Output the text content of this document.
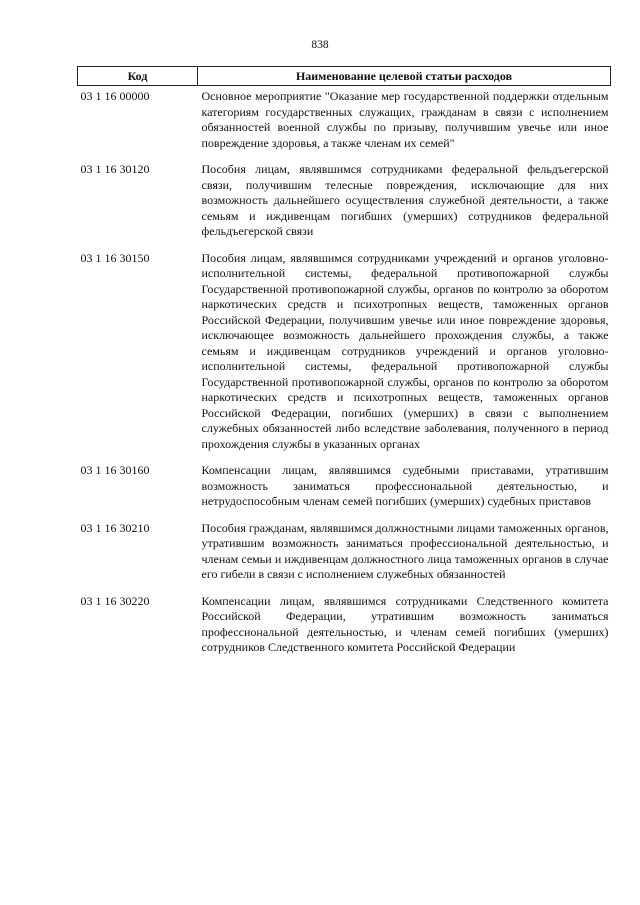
838
Код	Наименование целевой статьи расходов
03 1 16 00000	Основное мероприятие "Оказание мер государственной поддержки отдельным категориям государственных служащих, гражданам в связи с исполнением обязанностей военной службы по призыву, получившим увечье или иное повреждение здоровья, а также членам их семей"
03 1 16 30120	Пособия лицам, являвшимся сотрудниками федеральной фельдъегерской связи, получившим телесные повреждения, исключающие для них возможность дальнейшего осуществления служебной деятельности, а также семьям и иждивенцам погибших (умерших) сотрудников федеральной фельдъегерской связи
03 1 16 30150	Пособия лицам, являвшимся сотрудниками учреждений и органов уголовно-исполнительной системы, федеральной противопожарной службы Государственной противопожарной службы, органов по контролю за оборотом наркотических средств и психотропных веществ, таможенных органов Российской Федерации, получившим увечье или иное повреждение здоровья, исключающее возможность дальнейшего прохождения службы, а также семьям и иждивенцам сотрудников учреждений и органов уголовно-исполнительной системы, федеральной противопожарной службы Государственной противопожарной службы, органов по контролю за оборотом наркотических средств и психотропных веществ, таможенных органов Российской Федерации, погибших (умерших) в связи с выполнением служебных обязанностей либо вследствие заболевания, полученного в период прохождения службы в указанных органах
03 1 16 30160	Компенсации лицам, являвшимся судебными приставами, утратившим возможность заниматься профессиональной деятельностью, и нетрудоспособным членам семей погибших (умерших) судебных приставов
03 1 16 30210	Пособия гражданам, являвшимся должностными лицами таможенных органов, утратившим возможность заниматься профессиональной деятельностью, и членам семьи и иждивенцам должностного лица таможенных органов в случае его гибели в связи с исполнением служебных обязанностей
03 1 16 30220	Компенсации лицам, являвшимся сотрудниками Следственного комитета Российской Федерации, утратившим возможность заниматься профессиональной деятельностью, и членам семей погибших (умерших) сотрудников Следственного комитета Российской Федерации
